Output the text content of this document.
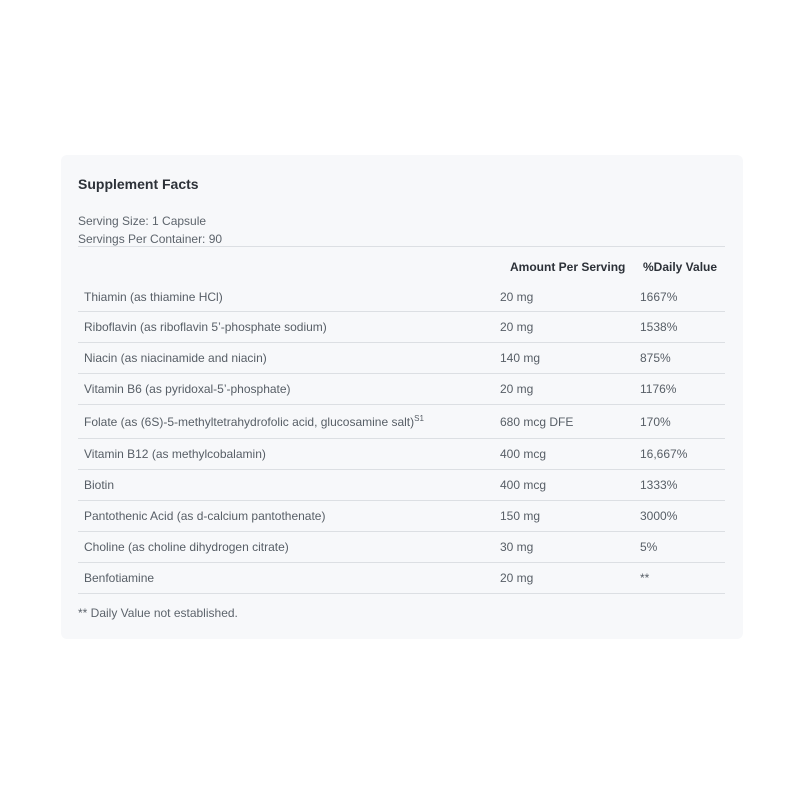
Supplement Facts
Serving Size: 1 Capsule
Servings Per Container: 90
	Amount Per Serving	%Daily Value
Thiamin (as thiamine HCl)	20 mg	1667%
Riboflavin (as riboflavin 5’-phosphate sodium)	20 mg	1538%
Niacin (as niacinamide and niacin)	140 mg	875%
Vitamin B6 (as pyridoxal-5’-phosphate)	20 mg	1176%
Folate (as (6S)-5-methyltetrahydrofolic acid, glucosamine salt)$^{S1}$	680 mcg DFE	170%
Vitamin B12 (as methylcobalamin)	400 mcg	16,667%
Biotin	400 mcg	1333%
Pantothenic Acid (as d-calcium pantothenate)	150 mg	3000%
Choline (as choline dihydrogen citrate)	30 mg	5%
Benfotiamine	20 mg	**
** Daily Value not established.
